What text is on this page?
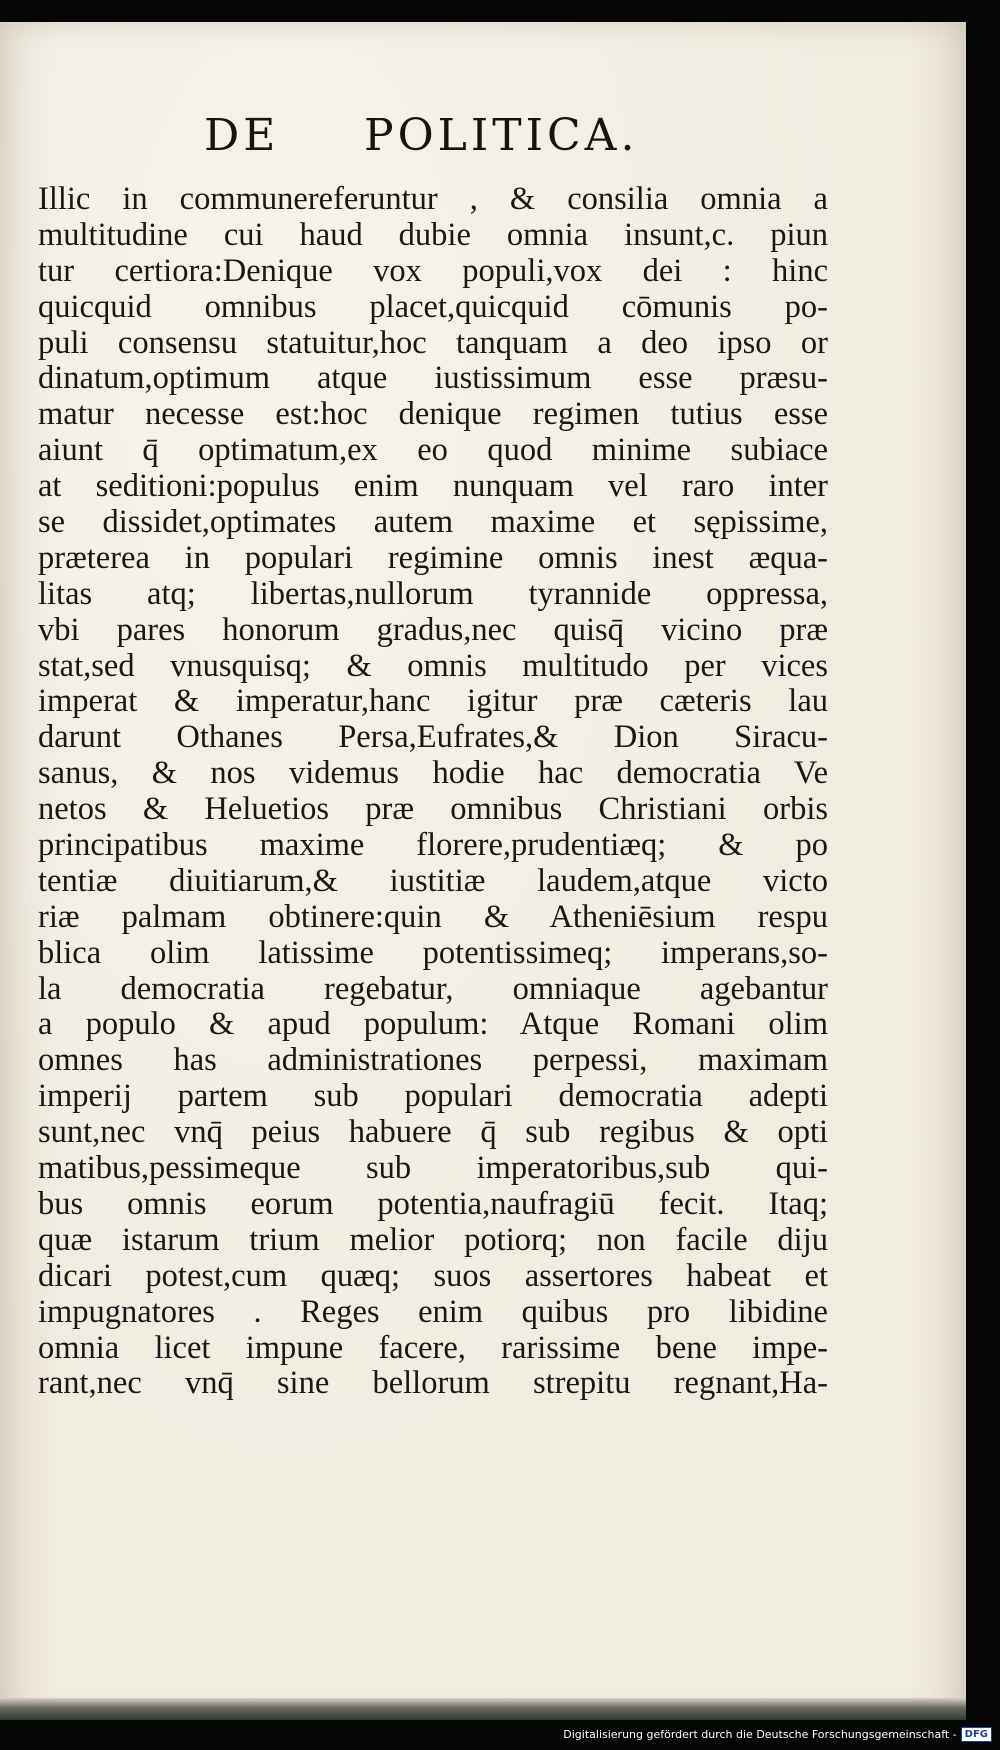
DE POLITICA.
Illic in communereferuntur , & consilia omnia a
multitudine cui haud dubie omnia insunt,c. piun
tur certiora:Denique vox populi,vox dei : hinc
quicquid omnibus placet,quicquid cōmunis po-
puli consensu statuitur,hoc tanquam a deo ipso or
dinatum,optimum atque iustissimum esse præsu-
matur necesse est:hoc denique regimen tutius esse
aiunt q̄ optimatum,ex eo quod minime subiace
at seditioni:populus enim nunquam vel raro inter
se dissidet,optimates autem maxime et sępissime,
præterea in populari regimine omnis inest æqua-
litas atq; libertas,nullorum tyrannide oppressa,
vbi pares honorum gradus,nec quisq̄ vicino præ
stat,sed vnusquisq; & omnis multitudo per vices
imperat & imperatur,hanc igitur præ cæteris lau
darunt Othanes Persa,Eufrates,& Dion Siracu-
sanus, & nos videmus hodie hac democratia Ve
netos & Heluetios præ omnibus Christiani orbis
principatibus maxime florere,prudentiæq; & po
tentiæ diuitiarum,& iustitiæ laudem,atque victo
riæ palmam obtinere:quin & Atheniēsium respu
blica olim latissime potentissimeq; imperans,so-
la democratia regebatur, omniaque agebantur
a populo & apud populum: Atque Romani olim
omnes has administrationes perpessi, maximam
imperij partem sub populari democratia adepti
sunt,nec vnq̄ peius habuere q̄ sub regibus & opti
matibus,pessimeque sub imperatoribus,sub qui-
bus omnis eorum potentia,naufragiū fecit. Itaq;
quæ istarum trium melior potiorq; non facile diju
dicari potest,cum quæq; suos assertores habeat et
impugnatores . Reges enim quibus pro libidine
omnia licet impune facere, rarissime bene impe-
rant,nec vnq̄ sine bellorum strepitu regnant,Ha-
Digitalisierung gefördert durch die Deutsche Forschungsgemeinschaft - DFG
